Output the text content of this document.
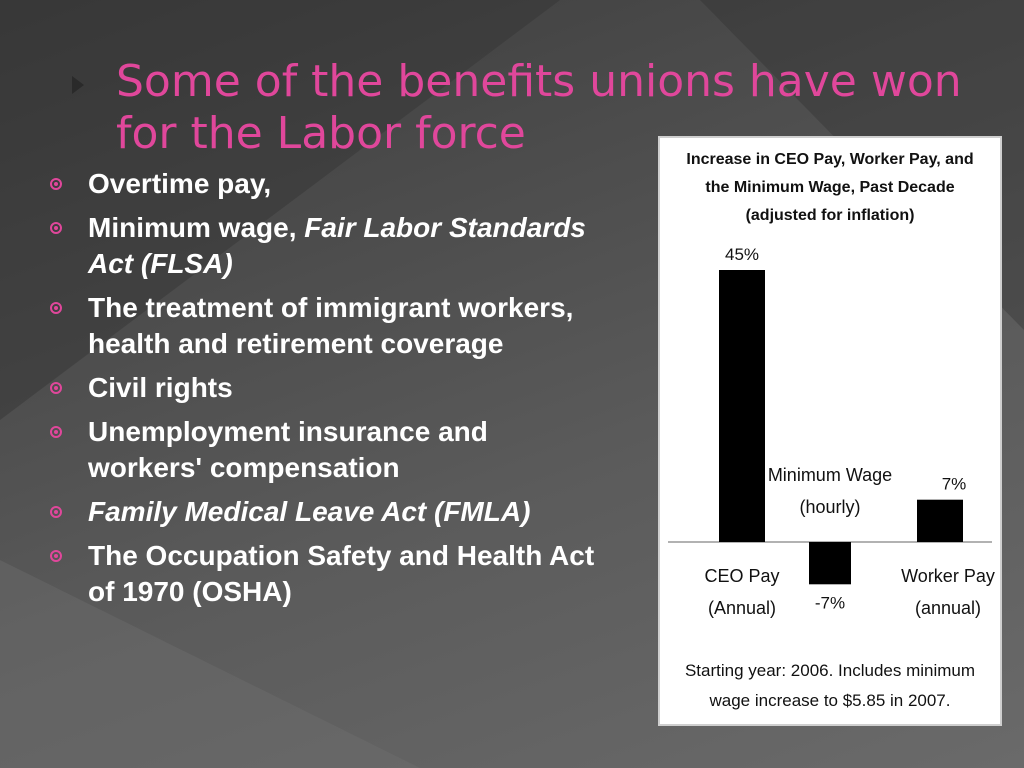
Some of the benefits unions have won
for the Labor force
Overtime pay,
Minimum wage, Fair Labor Standards Act (FLSA)
The treatment of immigrant workers, health and retirement coverage
Civil rights
Unemployment insurance and workers' compensation
Family Medical Leave Act (FMLA)
The Occupation Safety and Health Act of 1970 (OSHA)
Increase in CEO Pay, Worker Pay, and
the Minimum Wage, Past Decade
(adjusted for inflation)
45%
-7%
7%
CEO Pay
(Annual)
Minimum Wage
(hourly)
Worker Pay
(annual)
Starting year: 2006. Includes minimum
wage increase to $5.85 in 2007.
